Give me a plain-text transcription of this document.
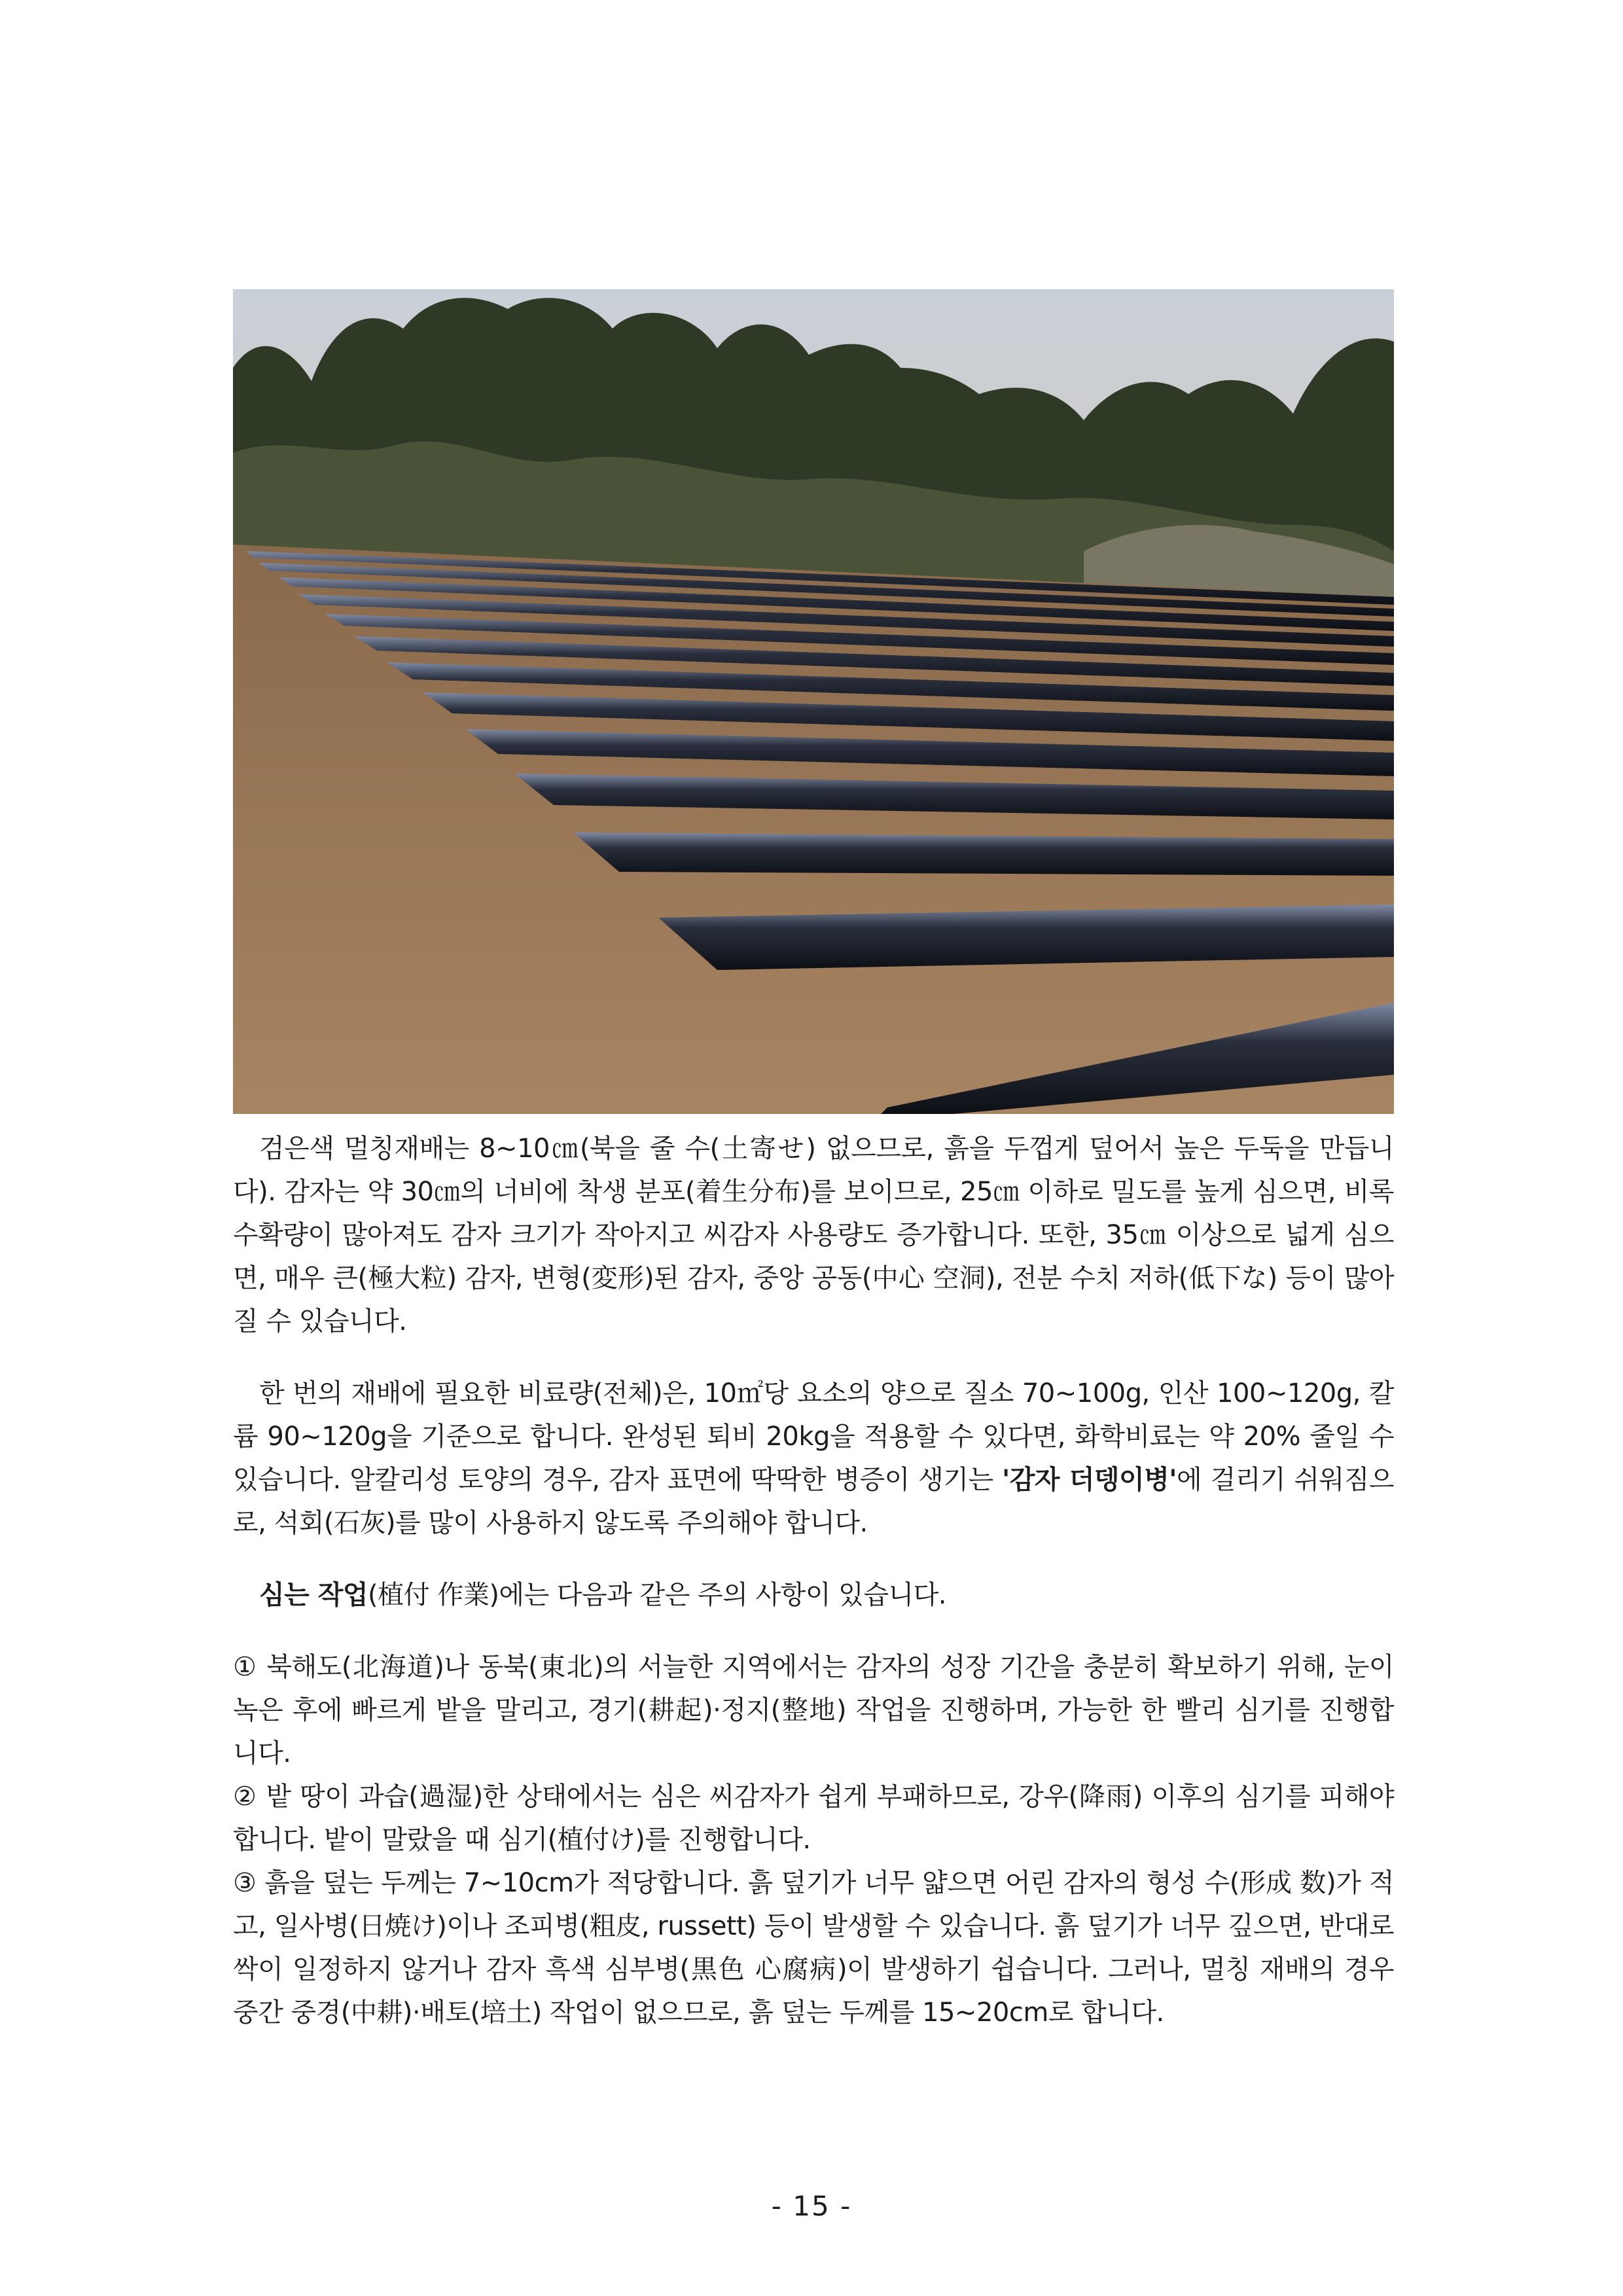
검은색 멀칭재배는 8~10㎝(북을 줄 수(土寄せ) 없으므로, 흙을 두껍게 덮어서 높은 두둑을 만듭니다). 감자는 약 30㎝의 너비에 착생 분포(着生分布)를 보이므로, 25㎝ 이하로 밀도를 높게 심으면, 비록 수확량이 많아져도 감자 크기가 작아지고 씨감자 사용량도 증가합니다. 또한, 35㎝ 이상으로 넓게 심으면, 매우 큰(極大粒) 감자, 변형(変形)된 감자, 중앙 공동(中心 空洞), 전분 수치 저하(低下な) 등이 많아질 수 있습니다.

한 번의 재배에 필요한 비료량(전체)은, 10㎡당 요소의 양으로 질소 70~100g, 인산 100~120g, 칼륨 90~120g을 기준으로 합니다. 완성된 퇴비 20kg을 적용할 수 있다면, 화학비료는 약 20% 줄일 수 있습니다. 알칼리성 토양의 경우, 감자 표면에 딱딱한 병증이 생기는 '감자 더뎅이병'에 걸리기 쉬워짐으로, 석회(石灰)를 많이 사용하지 않도록 주의해야 합니다.

심는 작업(植付 作業)에는 다음과 같은 주의 사항이 있습니다.

① 북해도(北海道)나 동북(東北)의 서늘한 지역에서는 감자의 성장 기간을 충분히 확보하기 위해, 눈이 녹은 후에 빠르게 밭을 말리고, 경기(耕起)·정지(整地) 작업을 진행하며, 가능한 한 빨리 심기를 진행합니다.

② 밭 땅이 과습(過湿)한 상태에서는 심은 씨감자가 쉽게 부패하므로, 강우(降雨) 이후의 심기를 피해야 합니다. 밭이 말랐을 때 심기(植付け)를 진행합니다.

③ 흙을 덮는 두께는 7~10cm가 적당합니다. 흙 덮기가 너무 얇으면 어린 감자의 형성 수(形成 数)가 적고, 일사병(日焼け)이나 조피병(粗皮, russett) 등이 발생할 수 있습니다. 흙 덮기가 너무 깊으면, 반대로 싹이 일정하지 않거나 감자 흑색 심부병(黒色 心腐病)이 발생하기 쉽습니다. 그러나, 멀칭 재배의 경우 중간 중경(中耕)·배토(培土) 작업이 없으므로, 흙 덮는 두께를 15~20cm로 합니다.

- 15 -
